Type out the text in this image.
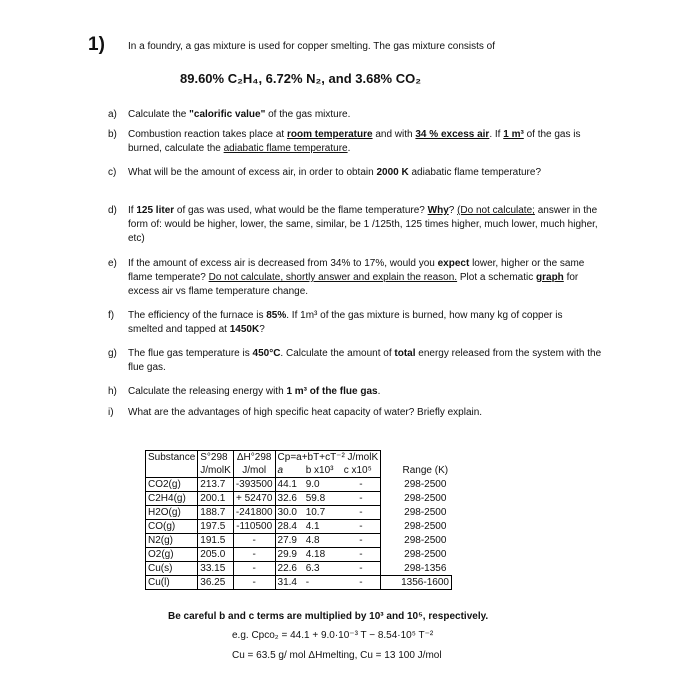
1) In a foundry, a gas mixture is used for copper smelting. The gas mixture consists of
89.60% C₂H₄, 6.72% N₂, and 3.68% CO₂
a)	Calculate the "calorific value" of the gas mixture.
b)	Combustion reaction takes place at room temperature and with 34 % excess air. If 1 m³ of the gas is burned, calculate the adiabatic flame temperature.
c)	What will be the amount of excess air, in order to obtain 2000 K adiabatic flame temperature?
d)	If 125 liter of gas was used, what would be the flame temperature? Why? (Do not calculate; answer in the form of: would be higher, lower, the same, similar, be 1 /125th, 125 times higher, much lower, much higher, etc)
e)	If the amount of excess air is decreased from 34% to 17%, would you expect lower, higher or the same flame temperate? Do not calculate, shortly answer and explain the reason. Plot a schematic graph for excess air vs flame temperature change.
f)	The efficiency of the furnace is 85%. If 1m³ of the gas mixture is burned, how many kg of copper is smelted and tapped at 1450K?
g)	The flue gas temperature is 450°C. Calculate the amount of total energy released from the system with the flue gas.
h)	Calculate the releasing energy with 1 m³ of the flue gas.
i)	What are the advantages of high specific heat capacity of water? Briefly explain.
Substance	S°298	ΔH°298	Cp=a+bT+cT⁻² J/molK			
	J/molK	J/mol	a	b x10³	c x10⁵	Range (K)
CO2(g)	213.7	-393500	44.1	9.0	-	298-2500
C2H4(g)	200.1	+ 52470	32.6	59.8	-	298-2500
H2O(g)	188.7	-241800	30.0	10.7	-	298-2500
CO(g)	197.5	-110500	28.4	4.1	-	298-2500
N2(g)	191.5	-	27.9	4.8	-	298-2500
O2(g)	205.0	-	29.9	4.18	-	298-2500
Cu(s)	33.15	-	22.6	6.3	-	298-1356
Cu(l)	36.25	-	31.4	-	-	1356-1600
Be careful b and c terms are multiplied by 10³ and 10⁵, respectively.
e.g. Cpco₂ = 44.1 + 9.0·10⁻³ T − 8.54·10⁵ T⁻²
Cu = 63.5 g/ mol ΔHmelting, Cu = 13 100 J/mol
